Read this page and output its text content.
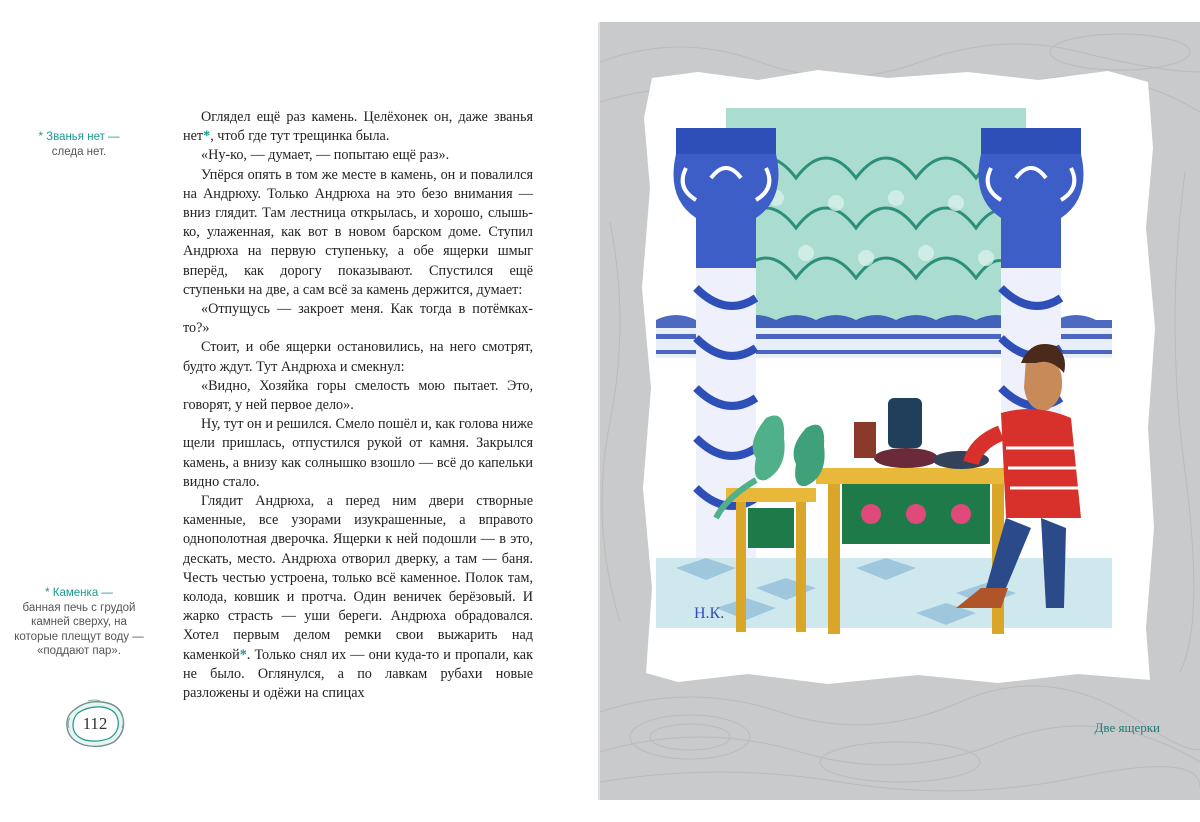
* Званья нет —
следа нет.
* Каменка —
банная печь с грудой камней сверху, на которые плещут воду — «поддают пар».

Оглядел ещё раз камень. Целёхонек он, даже званья нет*, чтоб где тут трещинка была.

«Ну-ко, — думает, — попытаю ещё раз».

Упёрся опять в том же месте в камень, он и повалился на Андрюху. Только Андрюха на это безо внимания — вниз глядит. Там лестница открылась, и хорошо, слышь-ко, улаженная, как вот в новом барском доме. Ступил Андрюха на первую ступеньку, а обе ящерки шмыг вперёд, как дорогу показывают. Спустился ещё ступеньки на две, а сам всё за камень держится, думает:

«Отпущусь — закроет меня. Как тогда в потёмках-то?»

Стоит, и обе ящерки остановились, на него смотрят, будто ждут. Тут Андрюха и смекнул:

«Видно, Хозяйка горы смелость мою пытает. Это, говорят, у ней первое дело».

Ну, тут он и решился. Смело пошёл и, как голова ниже щели пришлась, отпустился рукой от камня. Закрылся камень, а внизу как солнышко взошло — всё до капельки видно стало.

Глядит Андрюха, а перед ним двери створные каменные, все узорами изукрашенные, а вправото однополотная дверочка. Ящерки к ней подошли — в это, дескать, место. Андрюха отворил дверку, а там — баня. Честь честью устроена, только всё каменное. Полок там, колода, ковшик и протча. Один веничек берёзовый. И жарко страсть — уши береги. Андрюха обрадовался. Хотел первым делом ремки свои выжарить над каменкой*. Только снял их — они куда-то и пропали, как не было. Оглянулся, а по лавкам рубахи новые разложены и одёжи на спицах

112
Н.К.
Две ящерки
